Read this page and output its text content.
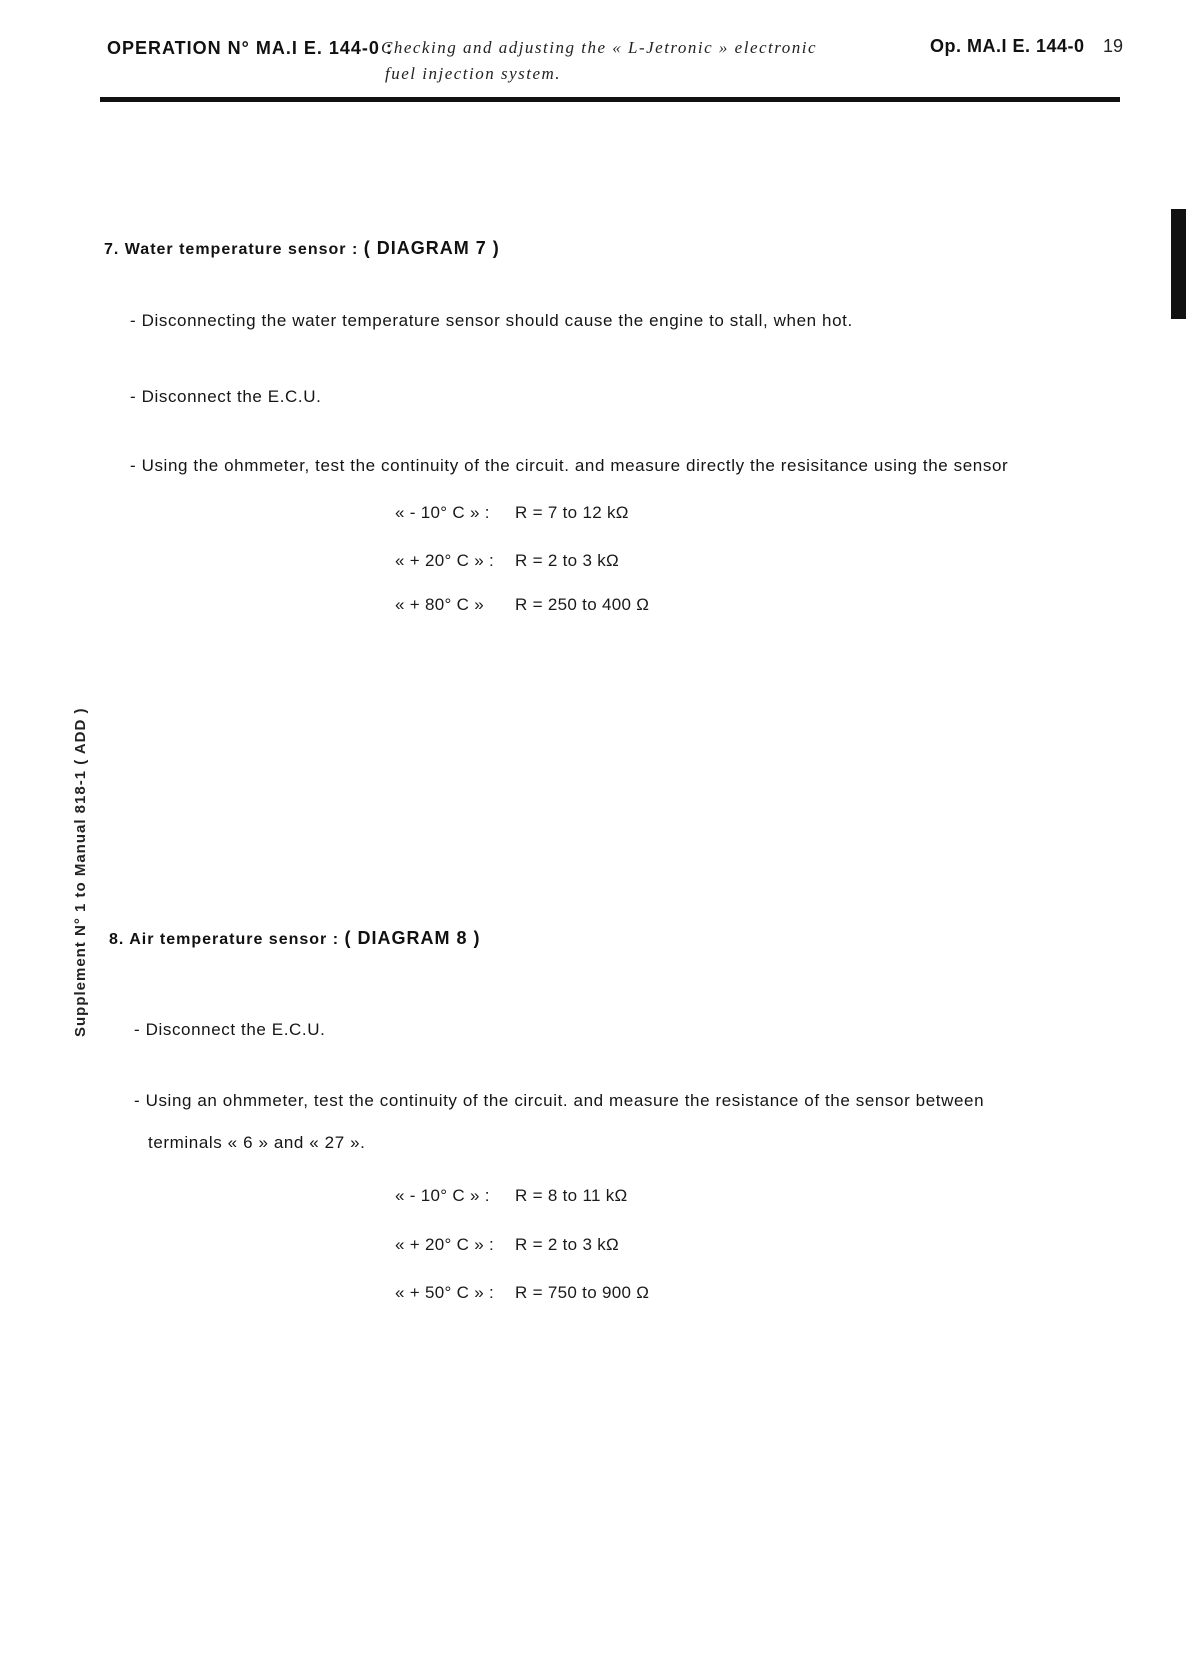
OPERATION N° MA.I E. 144-0 :
Checking and adjusting the « L-Jetronic » electronic
fuel injection system.
Op. MA.I E. 144-0 19
Supplement N° 1 to Manual 818-1 ( ADD )
7. Water temperature sensor : ( DIAGRAM 7 )
- Disconnecting the water temperature sensor should cause the engine to stall, when hot.
- Disconnect the E.C.U.
- Using the ohmmeter, test the continuity of the circuit. and measure directly the resisitance using the sensor
« - 10° C » : R = 7 to 12 kΩ
« + 20° C » : R = 2 to 3 kΩ
« + 80° C » R = 250 to 400 Ω
8. Air temperature sensor : ( DIAGRAM 8 )
- Disconnect the E.C.U.
- Using an ohmmeter, test the continuity of the circuit. and measure the resistance of the sensor between
terminals « 6 » and « 27 ».
« - 10° C » : R = 8 to 11 kΩ
« + 20° C » : R = 2 to 3 kΩ
« + 50° C » : R = 750 to 900 Ω
